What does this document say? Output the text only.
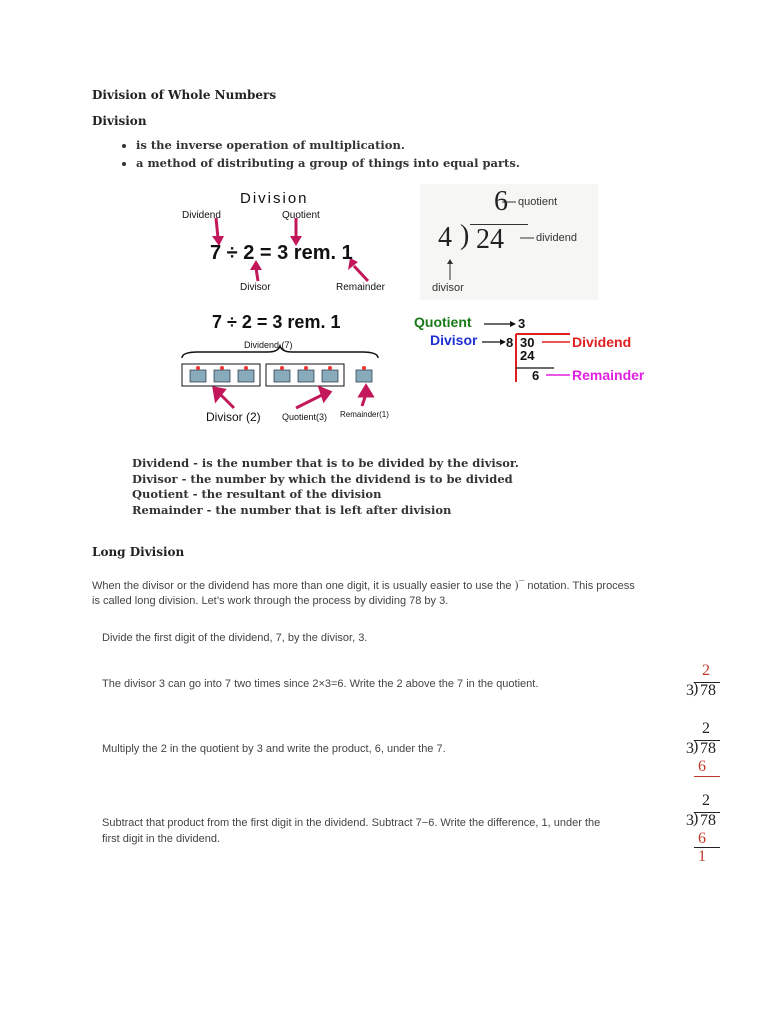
Division of Whole Numbers
Division
• is the inverse operation of multiplication.
• a method of distributing a group of things into equal parts.
Division
Dividend	Quotient
7 ÷ 2 = 3 rem. 1
Divisor	Remainder
6 quotient
4 ) 24	dividend
divisor
7 ÷ 2 = 3 rem. 1
Dividend (7)
Divisor (2) Quotient(3) Remainder(1)
Quotient
Divisor
3
8 30
24
6
Dividend
Remainder
Dividend - is the number that is to be divided by the divisor.
Divisor - the number by which the dividend is to be divided
Quotient - the resultant of the division
Remainder - the number that is left after division
Long Division
When the divisor or the dividend has more than one digit, it is usually easier to use the )‾ notation. This process
is called long division. Let’s work through the process by dividing 78 by 3.
Divide the first digit of the dividend, 7, by the divisor, 3.
The divisor 3 can go into 7 two times since 2×3=6. Write the 2 above the 7 in the quotient.
Multiply the 2 in the quotient by 3 and write the product, 6, under the 7.
Subtract that product from the first digit in the dividend. Subtract 7−6. Write the difference, 1, under the
first digit in the dividend.
2
3 ) 78
2
3 ) 78
6
2
3 ) 78
6
1
